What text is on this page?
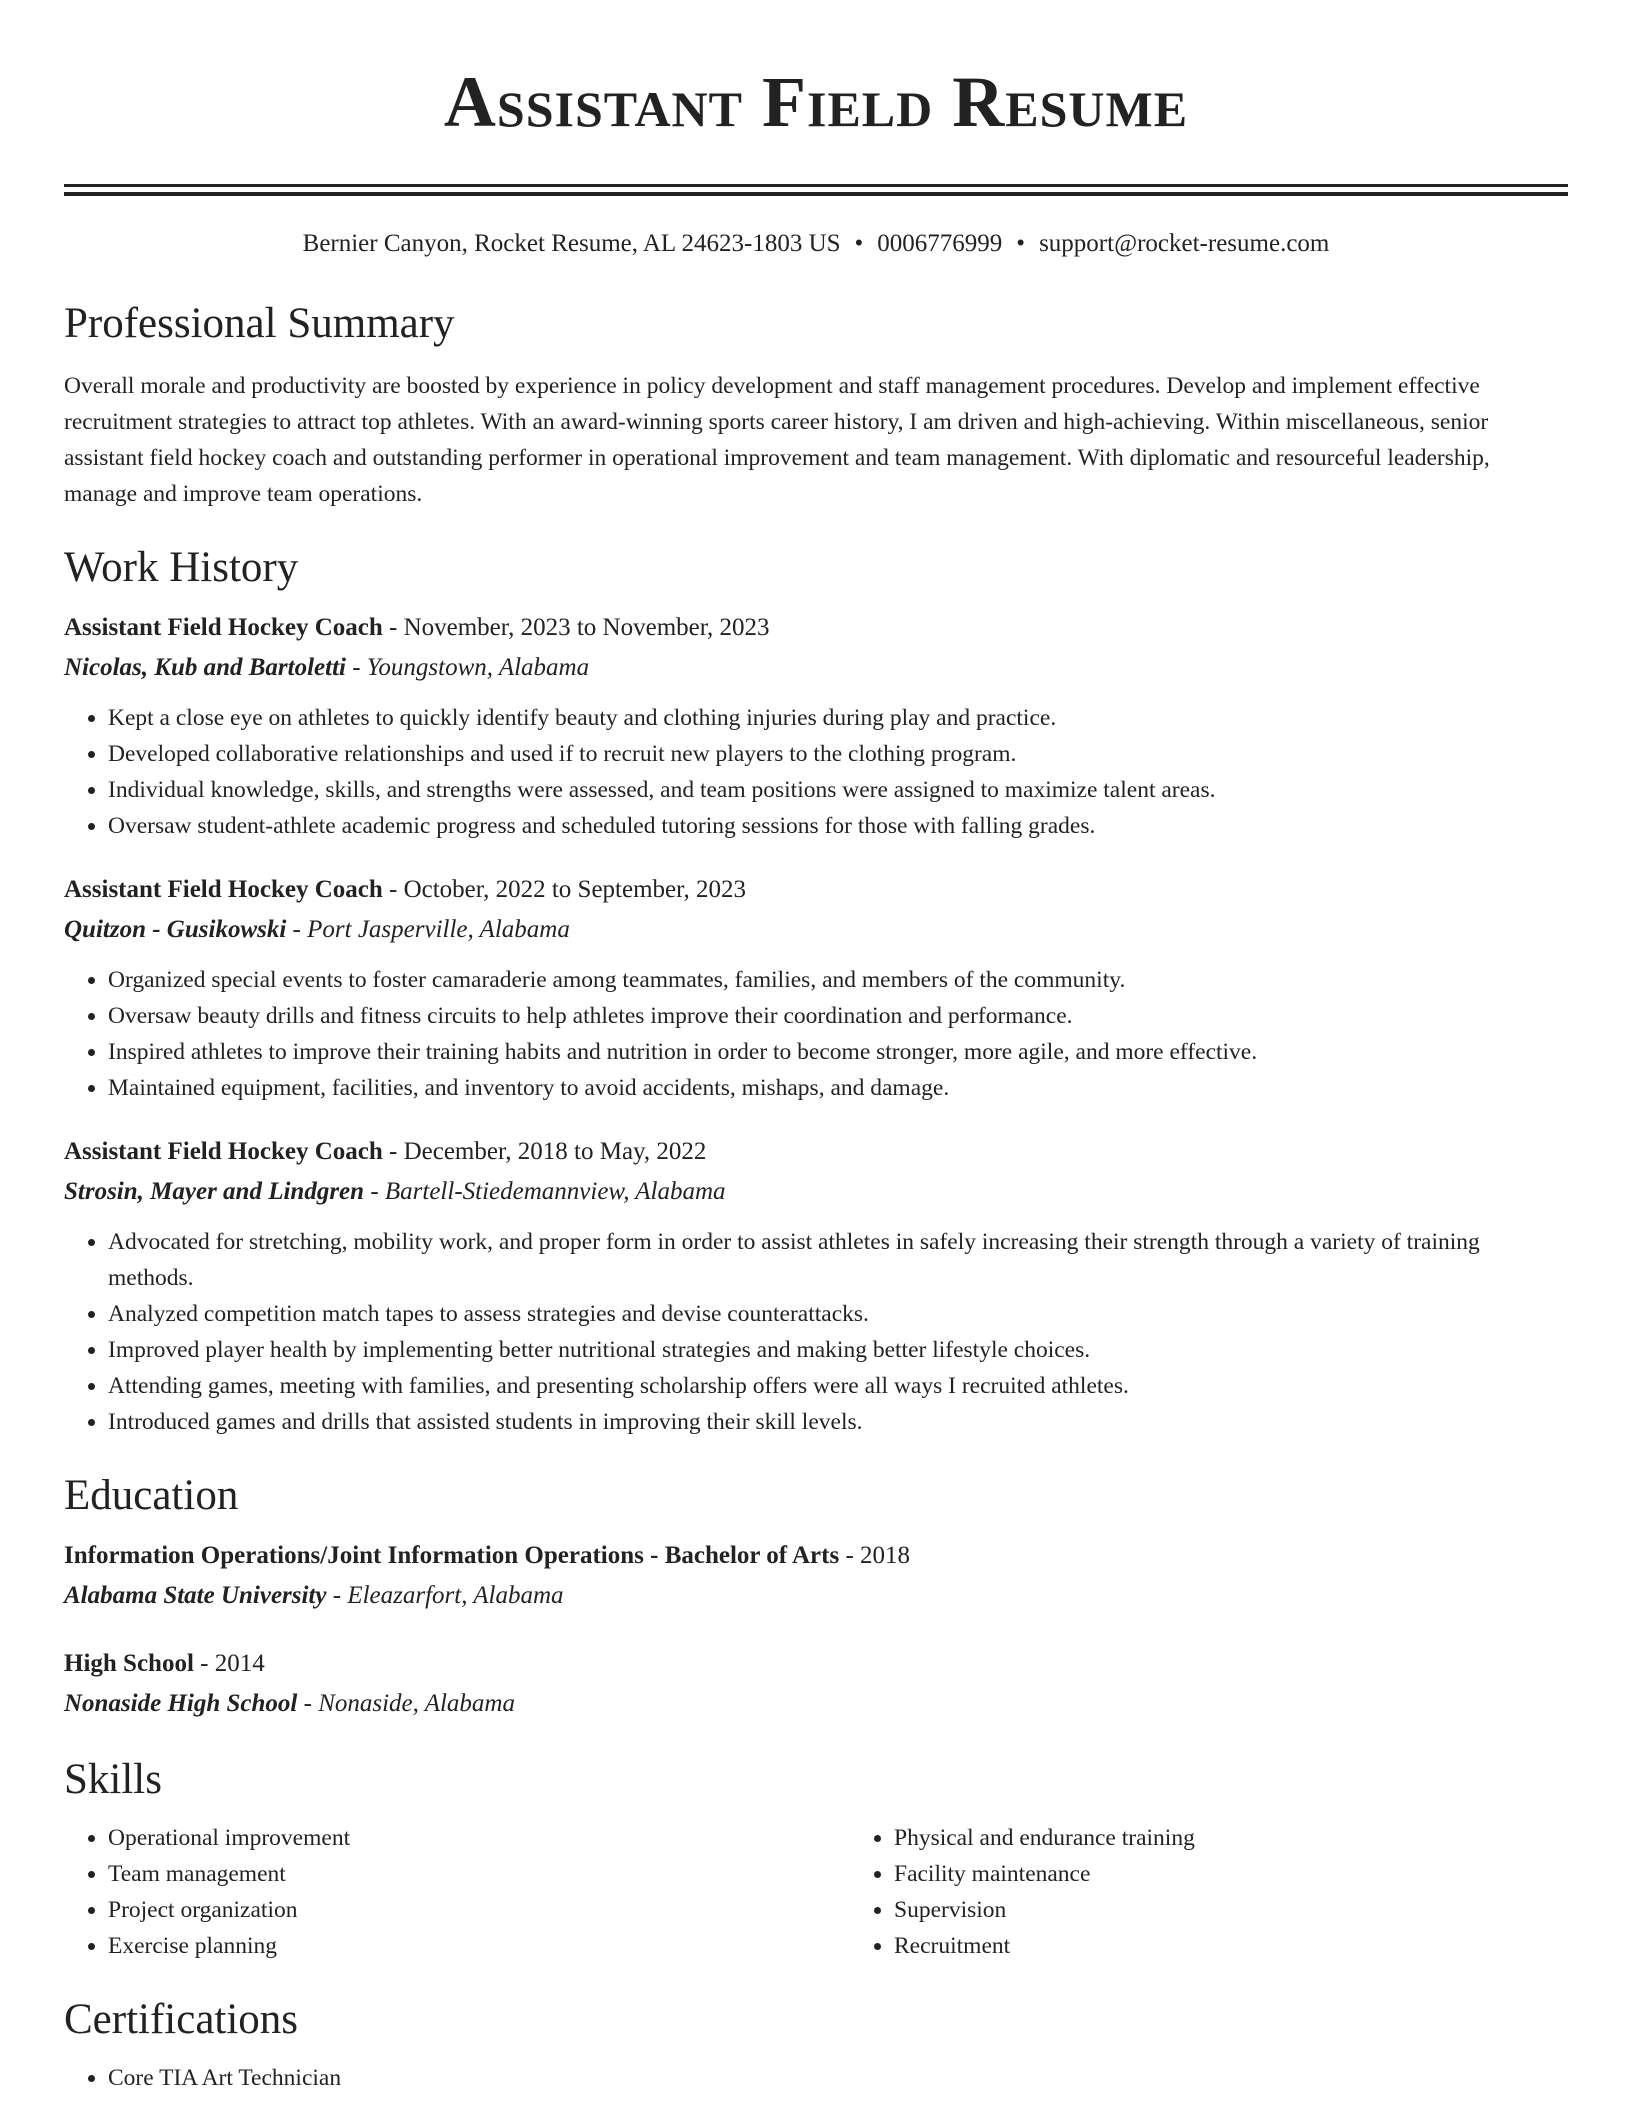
Assistant Field Resume
Bernier Canyon, Rocket Resume, AL 24623-1803 US • 0006776999 • support@rocket-resume.com
Professional Summary
Overall morale and productivity are boosted by experience in policy development and staff management procedures. Develop and implement effective recruitment strategies to attract top athletes. With an award-winning sports career history, I am driven and high-achieving. Within miscellaneous, senior assistant field hockey coach and outstanding performer in operational improvement and team management. With diplomatic and resourceful leadership, manage and improve team operations.
Work History
Assistant Field Hockey Coach - November, 2023 to November, 2023
Nicolas, Kub and Bartoletti - Youngstown, Alabama
• Kept a close eye on athletes to quickly identify beauty and clothing injuries during play and practice.
• Developed collaborative relationships and used if to recruit new players to the clothing program.
• Individual knowledge, skills, and strengths were assessed, and team positions were assigned to maximize talent areas.
• Oversaw student-athlete academic progress and scheduled tutoring sessions for those with falling grades.
Assistant Field Hockey Coach - October, 2022 to September, 2023
Quitzon - Gusikowski - Port Jasperville, Alabama
• Organized special events to foster camaraderie among teammates, families, and members of the community.
• Oversaw beauty drills and fitness circuits to help athletes improve their coordination and performance.
• Inspired athletes to improve their training habits and nutrition in order to become stronger, more agile, and more effective.
• Maintained equipment, facilities, and inventory to avoid accidents, mishaps, and damage.
Assistant Field Hockey Coach - December, 2018 to May, 2022
Strosin, Mayer and Lindgren - Bartell-Stiedemannview, Alabama
• Advocated for stretching, mobility work, and proper form in order to assist athletes in safely increasing their strength through a variety of training methods.
• Analyzed competition match tapes to assess strategies and devise counterattacks.
• Improved player health by implementing better nutritional strategies and making better lifestyle choices.
• Attending games, meeting with families, and presenting scholarship offers were all ways I recruited athletes.
• Introduced games and drills that assisted students in improving their skill levels.
Education
Information Operations/Joint Information Operations - Bachelor of Arts - 2018
Alabama State University - Eleazarfort, Alabama
High School - 2014
Nonaside High School - Nonaside, Alabama
Skills
• Operational improvement
• Team management
• Project organization
• Exercise planning
• Physical and endurance training
• Facility maintenance
• Supervision
• Recruitment
Certifications
• Core TIA Art Technician
